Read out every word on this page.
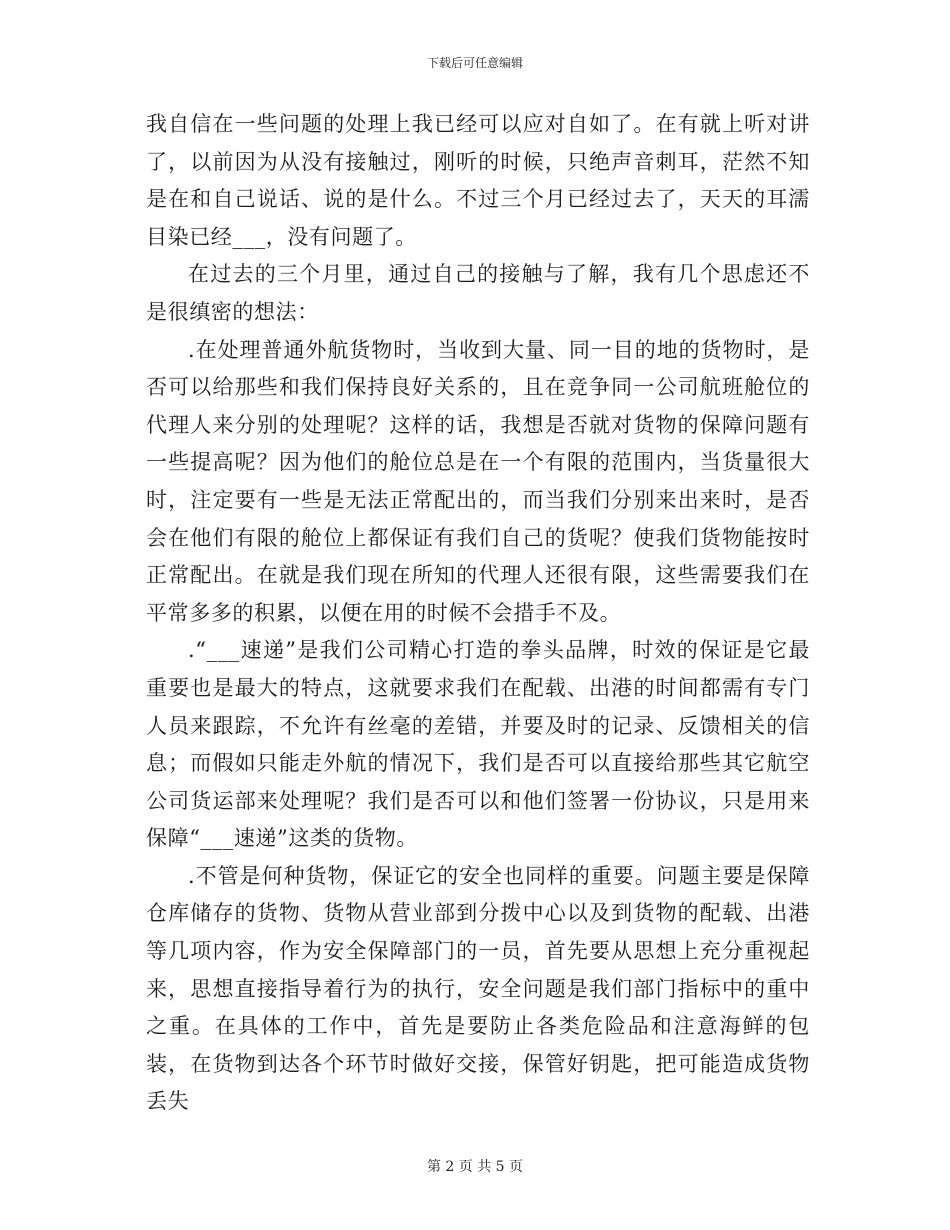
下载后可任意编辑

我自信在一些问题的处理上我已经可以应对自如了。在有就上听对讲了，以前因为从没有接触过，刚听的时候，只绝声音刺耳，茫然不知是在和自己说话、说的是什么。不过三个月已经过去了，天天的耳濡目染已经___，没有问题了。

在过去的三个月里，通过自己的接触与了解，我有几个思虑还不是很缜密的想法：

.在处理普通外航货物时，当收到大量、同一目的地的货物时，是否可以给那些和我们保持良好关系的，且在竞争同一公司航班舱位的代理人来分别的处理呢？这样的话，我想是否就对货物的保障问题有一些提高呢？因为他们的舱位总是在一个有限的范围内，当货量很大时，注定要有一些是无法正常配出的，而当我们分别来出来时，是否会在他们有限的舱位上都保证有我们自己的货呢？使我们货物能按时正常配出。在就是我们现在所知的代理人还很有限，这些需要我们在平常多多的积累，以便在用的时候不会措手不及。

.“___速递”是我们公司精心打造的拳头品牌，时效的保证是它最重要也是最大的特点，这就要求我们在配载、出港的时间都需有专门人员来跟踪，不允许有丝毫的差错，并要及时的记录、反馈相关的信息；而假如只能走外航的情况下，我们是否可以直接给那些其它航空公司货运部来处理呢？我们是否可以和他们签署一份协议，只是用来保障“___速递”这类的货物。

.不管是何种货物，保证它的安全也同样的重要。问题主要是保障仓库储存的货物、货物从营业部到分拨中心以及到货物的配载、出港等几项内容，作为安全保障部门的一员，首先要从思想上充分重视起来，思想直接指导着行为的执行，安全问题是我们部门指标中的重中之重。在具体的工作中，首先是要防止各类危险品和注意海鲜的包装，在货物到达各个环节时做好交接，保管好钥匙，把可能造成货物丢失

第 2 页 共 5 页
